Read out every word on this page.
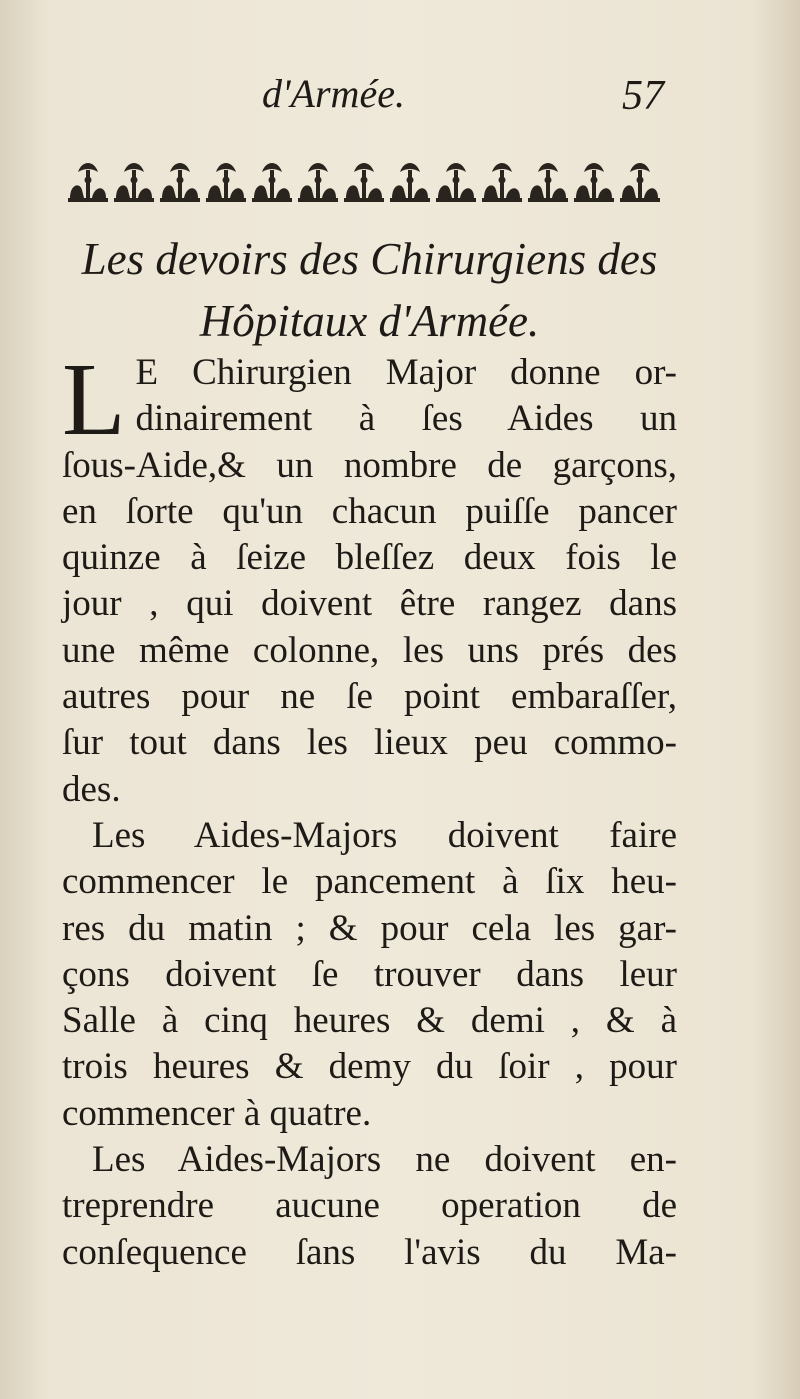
d'Armée.	57
Les devoirs des Chirurgiens des
Hôpitaux d'Armée.
L E Chirurgien Major donne or-
dinairement à ſes Aides un
ſous-Aide,& un nombre de garçons,
en ſorte qu'un chacun puiſſe pancer
quinze à ſeize bleſſez deux fois le
jour , qui doivent être rangez dans
une même colonne, les uns prés des
autres pour ne ſe point embaraſſer,
ſur tout dans les lieux peu commo-
des.
Les Aides-Majors doivent faire
commencer le pancement à ſix heu-
res du matin ; & pour cela les gar-
çons doivent ſe trouver dans leur
Salle à cinq heures & demi , & à
trois heures & demy du ſoir , pour
commencer à quatre.
Les Aides-Majors ne doivent en-
treprendre aucune operation de
conſequence ſans l'avis du Ma-
